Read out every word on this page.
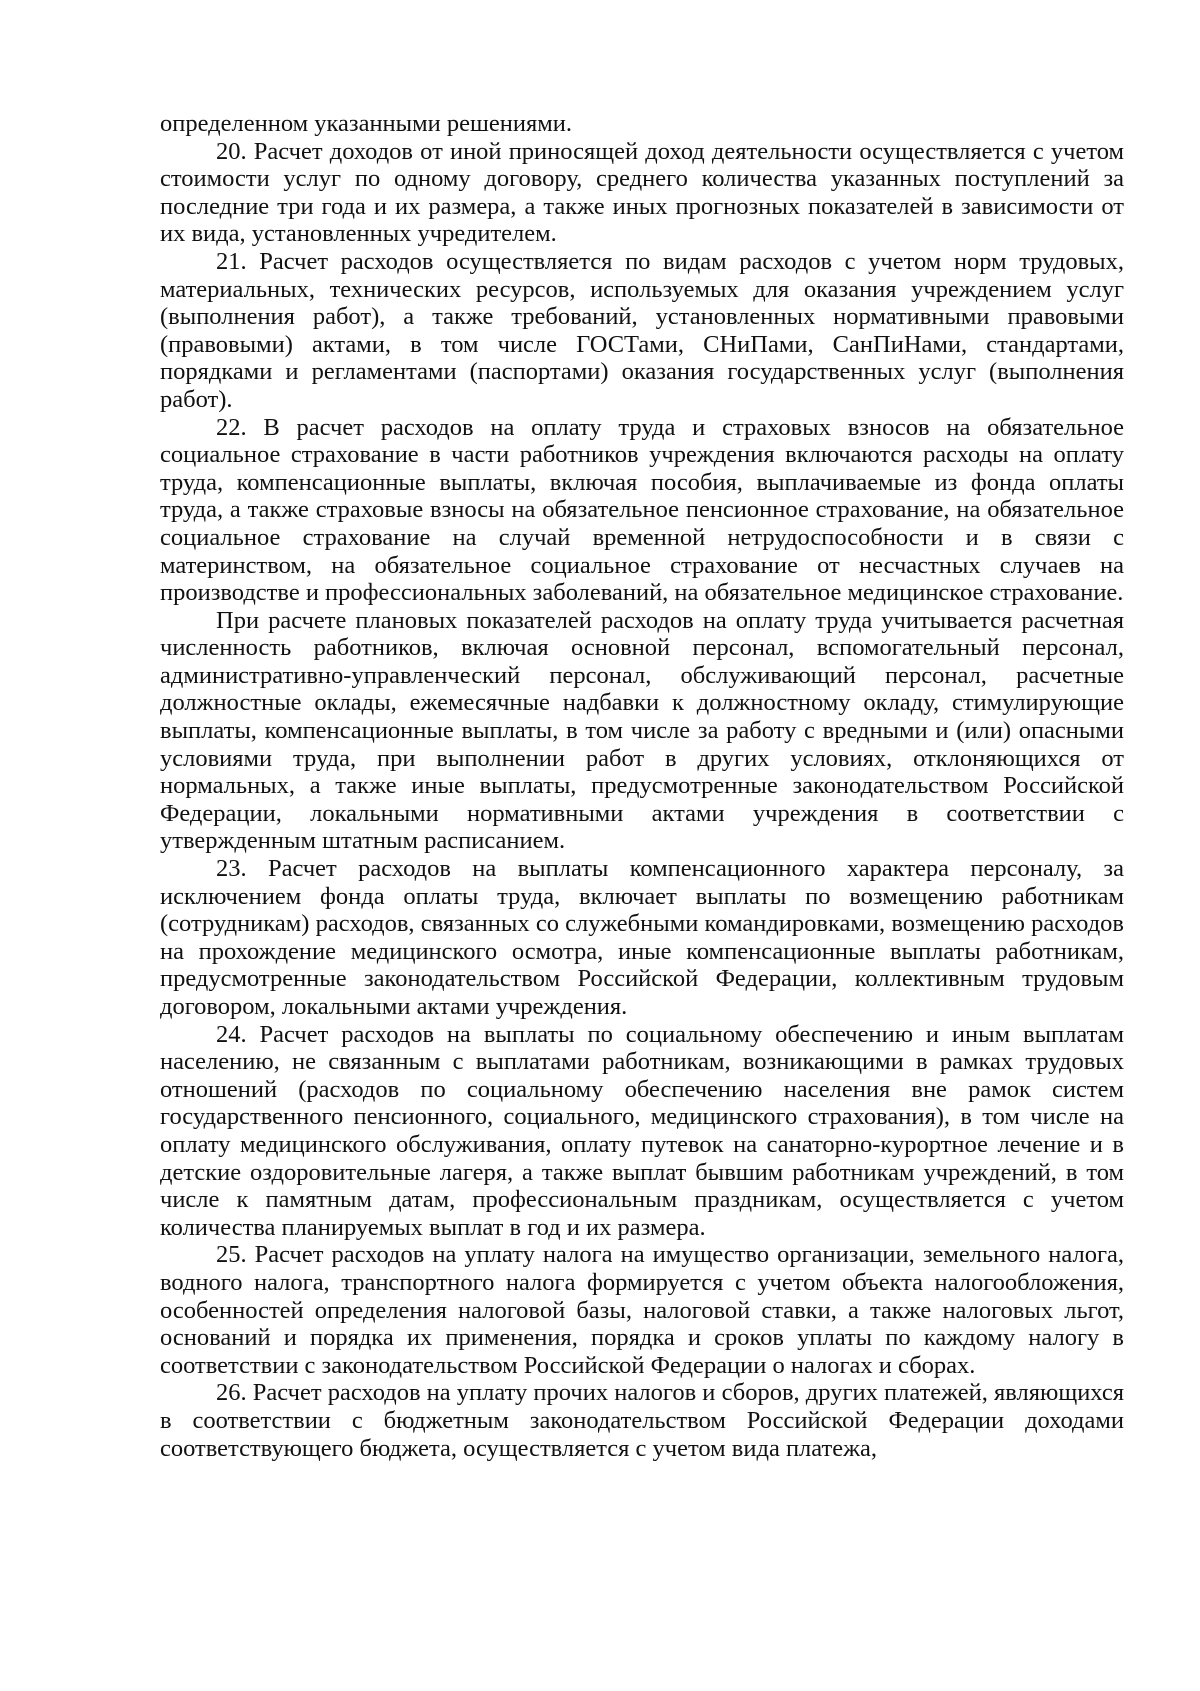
определенном указанными решениями.

20. Расчет доходов от иной приносящей доход деятельности осуществляется с учетом стоимости услуг по одному договору, среднего количества указанных поступлений за последние три года и их размера, а также иных прогнозных показателей в зависимости от их вида, установленных учредителем.

21. Расчет расходов осуществляется по видам расходов с учетом норм трудовых, материальных, технических ресурсов, используемых для оказания учреждением услуг (выполнения работ), а также требований, установленных нормативными правовыми (правовыми) актами, в том числе ГОСТами, СНиПами, СанПиНами, стандартами, порядками и регламентами (паспортами) оказания государственных услуг (выполнения работ).

22. В расчет расходов на оплату труда и страховых взносов на обязательное социальное страхование в части работников учреждения включаются расходы на оплату труда, компенсационные выплаты, включая пособия, выплачиваемые из фонда оплаты труда, а также страховые взносы на обязательное пенсионное страхование, на обязательное социальное страхование на случай временной нетрудоспособности и в связи с материнством, на обязательное социальное страхование от несчастных случаев на производстве и профессиональных заболеваний, на обязательное медицинское страхование.

При расчете плановых показателей расходов на оплату труда учитывается расчетная численность работников, включая основной персонал, вспомогательный персонал, административно-управленческий персонал, обслуживающий персонал, расчетные должностные оклады, ежемесячные надбавки к должностному окладу, стимулирующие выплаты, компенсационные выплаты, в том числе за работу с вредными и (или) опасными условиями труда, при выполнении работ в других условиях, отклоняющихся от нормальных, а также иные выплаты, предусмотренные законодательством Российской Федерации, локальными нормативными актами учреждения в соответствии с утвержденным штатным расписанием.

23. Расчет расходов на выплаты компенсационного характера персоналу, за исключением фонда оплаты труда, включает выплаты по возмещению работникам (сотрудникам) расходов, связанных со служебными командировками, возмещению расходов на прохождение медицинского осмотра, иные компенсационные выплаты работникам, предусмотренные законодательством Российской Федерации, коллективным трудовым договором, локальными актами учреждения.

24. Расчет расходов на выплаты по социальному обеспечению и иным выплатам населению, не связанным с выплатами работникам, возникающими в рамках трудовых отношений (расходов по социальному обеспечению населения вне рамок систем государственного пенсионного, социального, медицинского страхования), в том числе на оплату медицинского обслуживания, оплату путевок на санаторно-курортное лечение и в детские оздоровительные лагеря, а также выплат бывшим работникам учреждений, в том числе к памятным датам, профессиональным праздникам, осуществляется с учетом количества планируемых выплат в год и их размера.

25. Расчет расходов на уплату налога на имущество организации, земельного налога, водного налога, транспортного налога формируется с учетом объекта налогообложения, особенностей определения налоговой базы, налоговой ставки, а также налоговых льгот, оснований и порядка их применения, порядка и сроков уплаты по каждому налогу в соответствии с законодательством Российской Федерации о налогах и сборах.

26. Расчет расходов на уплату прочих налогов и сборов, других платежей, являющихся в соответствии с бюджетным законодательством Российской Федерации доходами соответствующего бюджета, осуществляется с учетом вида платежа,
